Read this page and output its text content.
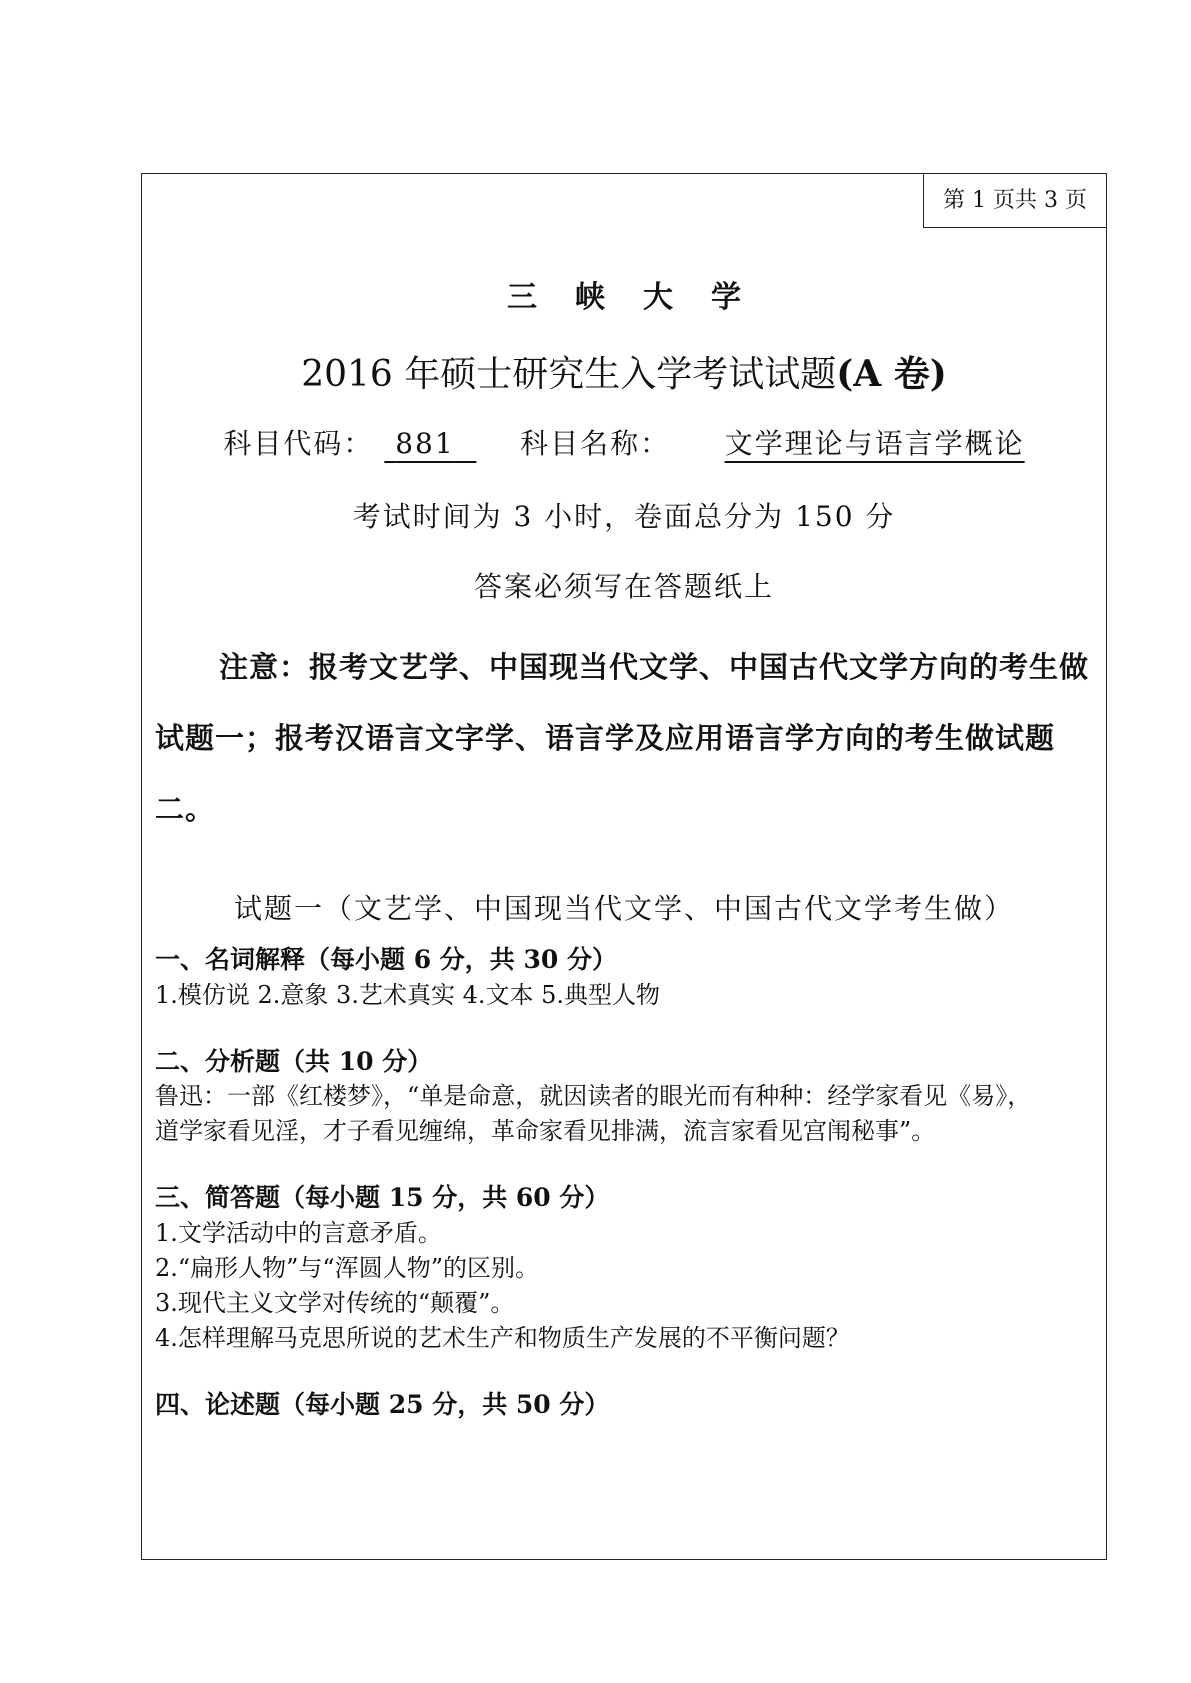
第 1 页共 3 页
三峡大学
2016 年硕士研究生入学考试试题(A 卷)
科目代码： 881 科目名称： 文学理论与语言学概论
考试时间为 3 小时，卷面总分为 150 分
答案必须写在答题纸上
注意：报考文艺学、中国现当代文学、中国古代文学方向的考生做试题一；报考汉语言文字学、语言学及应用语言学方向的考生做试题二。
试题一（文艺学、中国现当代文学、中国古代文学考生做）
一、名词解释（每小题 6 分，共 30 分）
1.模仿说 2.意象 3.艺术真实 4.文本 5.典型人物
二、分析题（共 10 分）
鲁迅：一部《红楼梦》，“单是命意，就因读者的眼光而有种种：经学家看见《易》，
道学家看见淫，才子看见缠绵，革命家看见排满，流言家看见宫闱秘事”。
三、简答题（每小题 15 分，共 60 分）
1.文学活动中的言意矛盾。
2.“扁形人物”与“浑圆人物”的区别。
3.现代主义文学对传统的“颠覆”。
4.怎样理解马克思所说的艺术生产和物质生产发展的不平衡问题？
四、论述题（每小题 25 分，共 50 分）
